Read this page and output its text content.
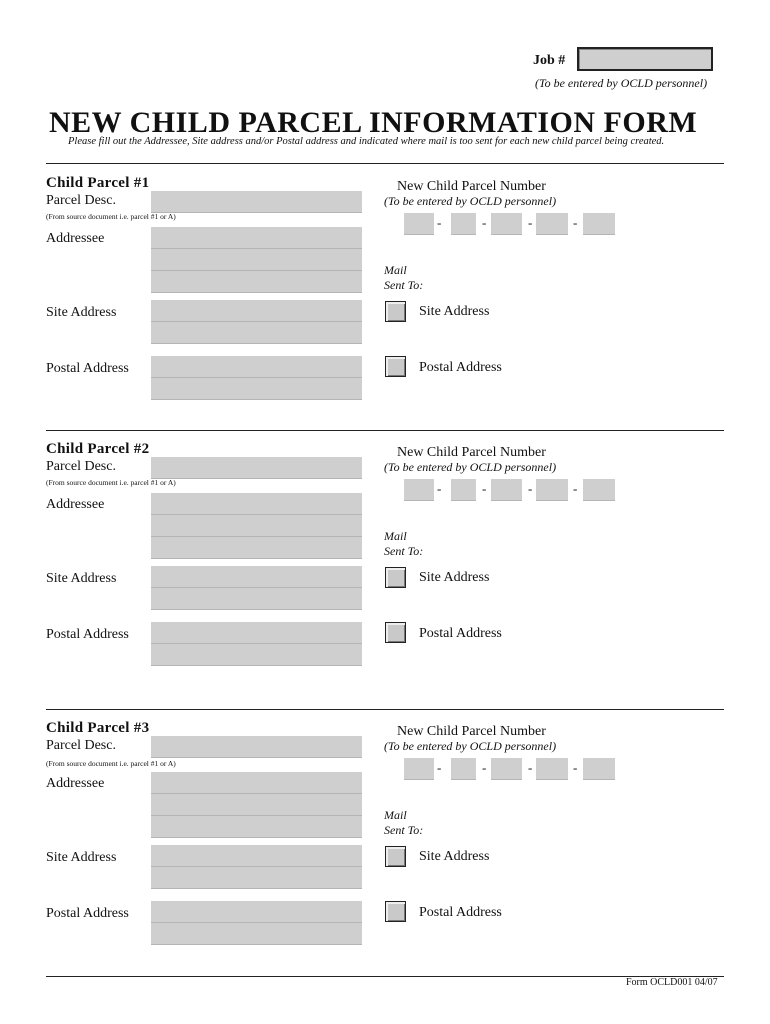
Job #
(To be entered by OCLD personnel)
NEW CHILD PARCEL INFORMATION FORM
Please fill out the Addressee, Site address and/or Postal address and indicated where mail is too sent for each new child parcel being created.
Child Parcel #1
Parcel Desc.
(From source document i.e. parcel #1 or A)
Addressee
Site Address
Postal Address
New Child Parcel Number
(To be entered by OCLD personnel)
-	-	-	-
Mail
Sent To:
Site Address
Postal Address
Child Parcel #2
Parcel Desc.
(From source document i.e. parcel #1 or A)
Addressee
Site Address
Postal Address
New Child Parcel Number
(To be entered by OCLD personnel)
-	-	-	-
Mail
Sent To:
Site Address
Postal Address
Child Parcel #3
Parcel Desc.
(From source document i.e. parcel #1 or A)
Addressee
Site Address
Postal Address
New Child Parcel Number
(To be entered by OCLD personnel)
-	-	-	-
Mail
Sent To:
Site Address
Postal Address
Form OCLD001 04/07
